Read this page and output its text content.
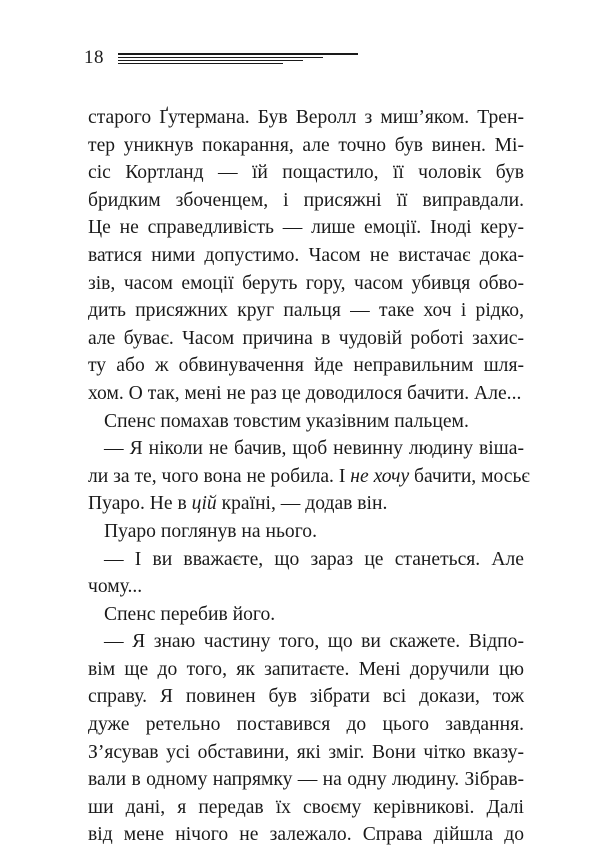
18
старого Ґутермана. Був Веролл з миш’яком. Трен-
тер уникнув покарання, але точно був винен. Мі-
сіс Кортланд — їй пощастило, її чоловік був
бридким збоченцем, і присяжні її виправдали.
Це не справедливість — лише емоції. Іноді керу-
ватися ними допустимо. Часом не вистачає дока-
зів, часом емоції беруть гору, часом убивця обво-
дить присяжних круг пальця — таке хоч і рідко,
але буває. Часом причина в чудовій роботі захис-
ту або ж обвинувачення йде неправильним шля-
хом. О так, мені не раз це доводилося бачити. Але...
Спенс помахав товстим указівним пальцем.
— Я ніколи не бачив, щоб невинну людину віша-
ли за те, чого вона не робила. І не хочу бачити, мосьє
Пуаро. Не в цій країні, — додав він.
Пуаро поглянув на нього.
— І ви вважаєте, що зараз це станеться. Але
чому...
Спенс перебив його.
— Я знаю частину того, що ви скажете. Відпо-
вім ще до того, як запитаєте. Мені доручили цю
справу. Я повинен був зібрати всі докази, тож
дуже ретельно поставився до цього завдання.
З’ясував усі обставини, які зміг. Вони чітко вказу-
вали в одному напрямку — на одну людину. Зібрав-
ши дані, я передав їх своєму керівникові. Далі
від мене нічого не залежало. Справа дійшла до
